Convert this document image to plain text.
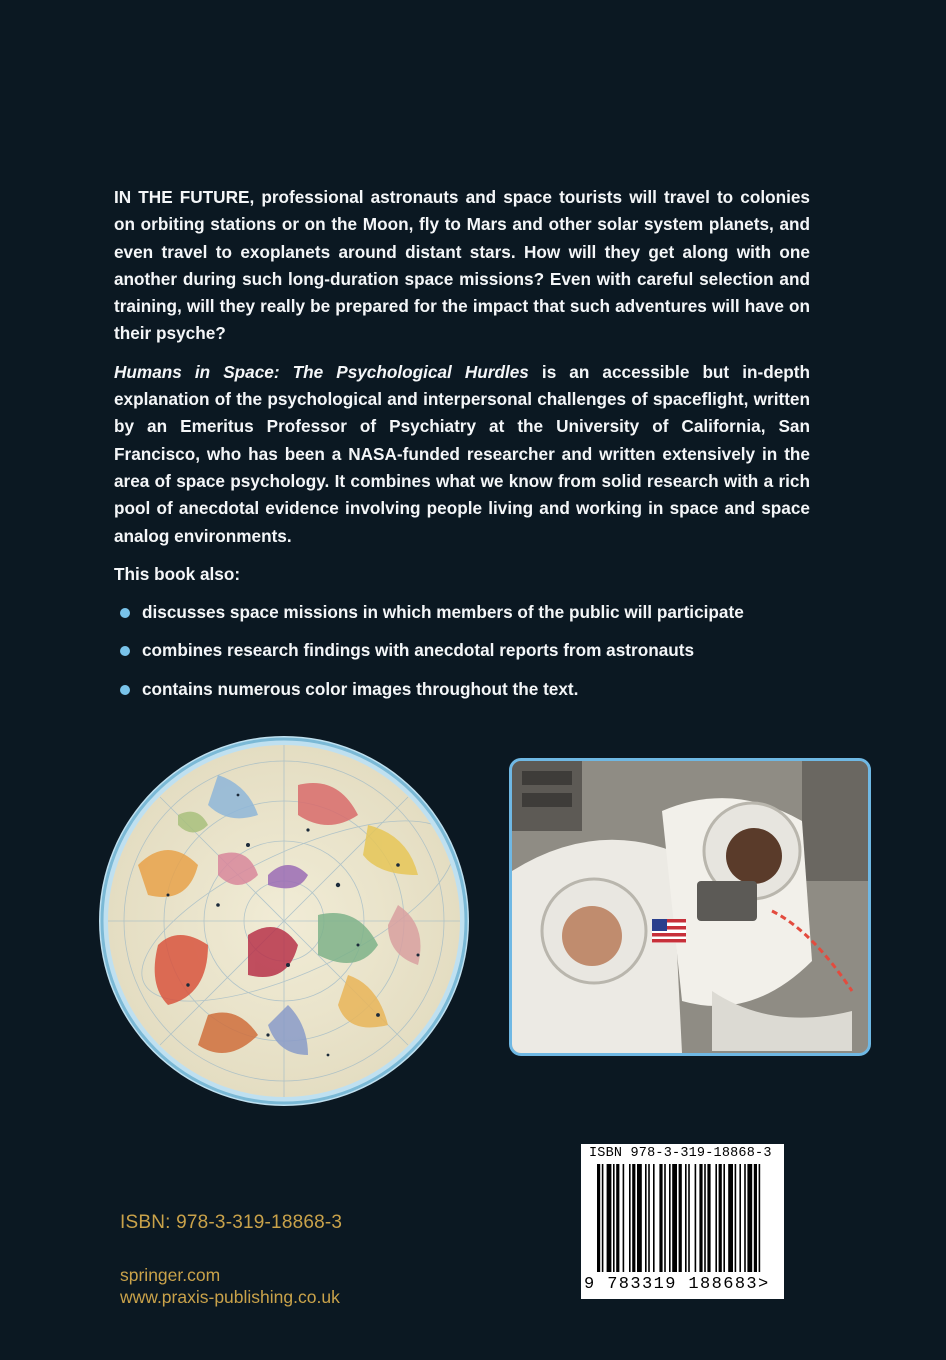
IN THE FUTURE, professional astronauts and space tourists will travel to colonies on orbiting stations or on the Moon, fly to Mars and other solar system planets, and even travel to exoplanets around distant stars. How will they get along with one another during such long-duration space missions? Even with careful selection and training, will they really be prepared for the impact that such adventures will have on their psyche?

Humans in Space: The Psychological Hurdles is an accessible but in-depth explanation of the psychological and interpersonal challenges of spaceflight, written by an Emeritus Professor of Psychiatry at the University of California, San Francisco, who has been a NASA-funded researcher and written extensively in the area of space psychology. It combines what we know from solid research with a rich pool of anecdotal evidence involving people living and working in space and space analog environments.

This book also:

discusses space missions in which members of the public will participate
combines research findings with anecdotal reports from astronauts
contains numerous color images throughout the text.
ISBN: 978-3-319-18868-3
springer.com
www.praxis-publishing.co.uk
ISBN 978-3-319-18868-3
9 783319 188683>
